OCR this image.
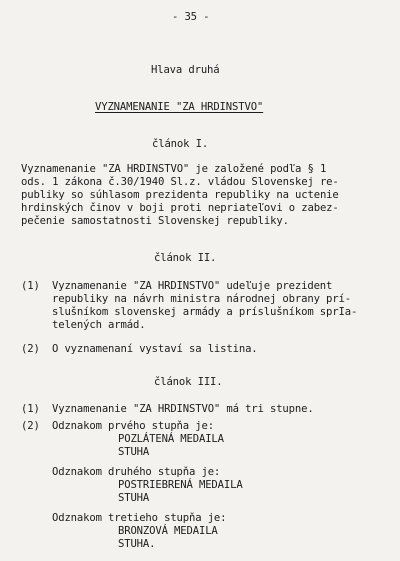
- 35 -
Hlava druhá
VYZNAMENANIE "ZA HRDINSTVO"
článok I.
Vyznamenanie "ZA HRDINSTVO" je založené podľa § 1
ods. 1 zákona č.30/1940 Sl.z. vládou Slovenskej re-
publiky so súhlasom prezidenta republiky na uctenie
hrdinských činov v boji proti nepriateľovi o zabez-
pečenie samostatnosti Slovenskej republiky.
článok II.
(1) Vyznamenanie "ZA HRDINSTVO" udeľuje prezident
republiky na návrh ministra národnej obrany prí-
slušníkom slovenskej armády a príslušníkom sprIa-
telených armád.
(2) O vyznamenaní vystaví sa listina.
článok III.
(1) Vyznamenanie "ZA HRDINSTVO" má tri stupne.
(2) Odznakom prvého stupňa je:
POZLÁTENÁ MEDAILA
STUHA
Odznakom druhého stupňa je:
POSTRIEBRENÁ MEDAILA
STUHA
Odznakom tretieho stupňa je:
BRONZOVÁ MEDAILA
STUHA.
